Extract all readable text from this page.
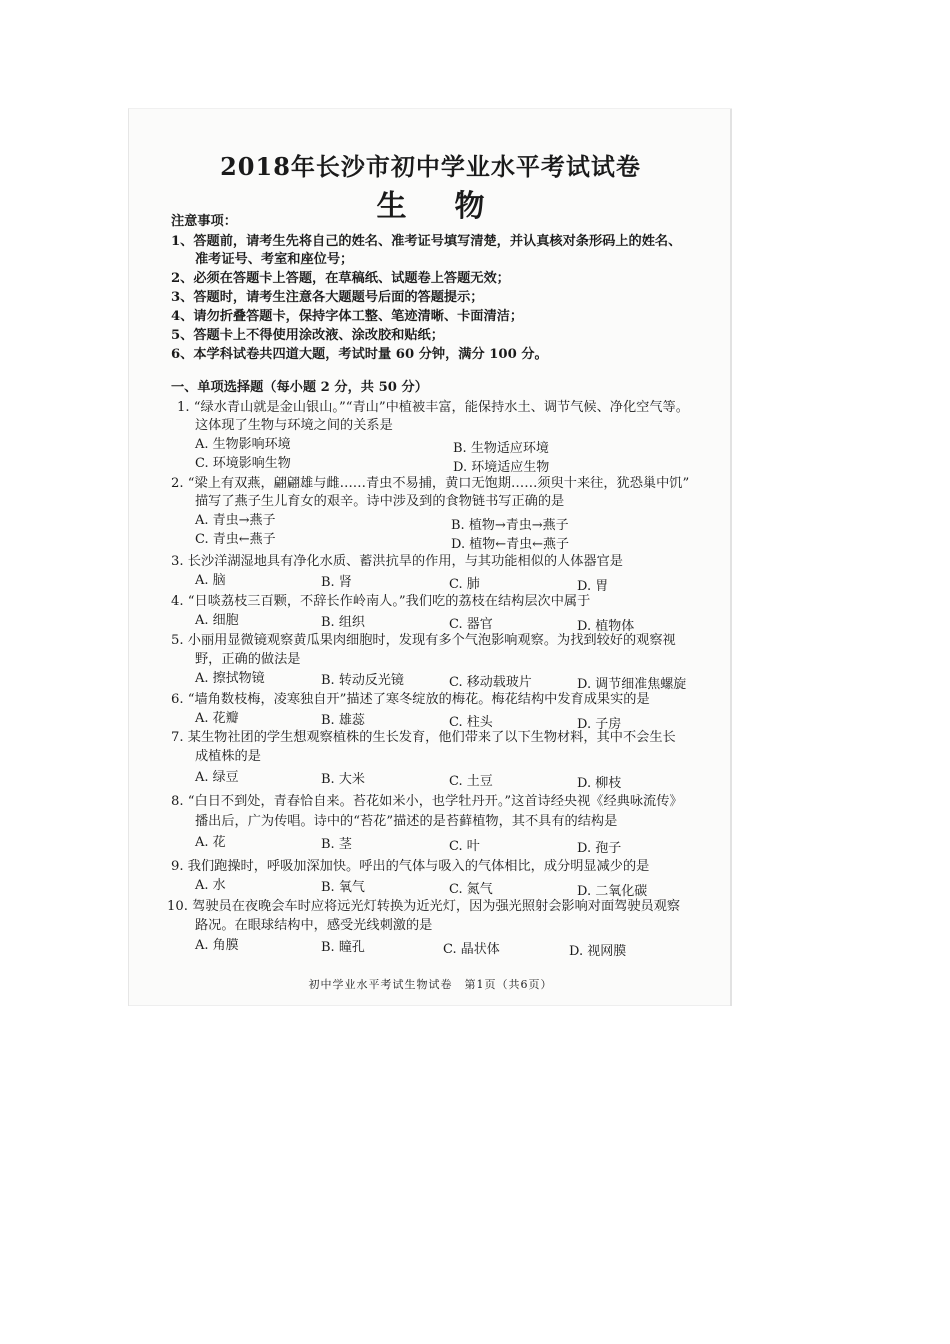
2018年长沙市初中学业水平考试试卷
生物
注意事项：
1、答题前，请考生先将自己的姓名、准考证号填写清楚，并认真核对条形码上的姓名、
准考证号、考室和座位号；
2、必须在答题卡上答题，在草稿纸、试题卷上答题无效；
3、答题时，请考生注意各大题题号后面的答题提示；
4、请勿折叠答题卡，保持字体工整、笔迹清晰、卡面清洁；
5、答题卡上不得使用涂改液、涂改胶和贴纸；
6、本学科试卷共四道大题，考试时量 60 分钟，满分 100 分。
一、单项选择题（每小题 2 分，共 50 分）
1. “绿水青山就是金山银山。”“青山”中植被丰富，能保持水土、调节气候、净化空气等。
这体现了生物与环境之间的关系是
A. 生物影响环境	B. 生物适应环境
C. 环境影响生物	D. 环境适应生物
2. “梁上有双燕，翩翩雄与雌……青虫不易捕，黄口无饱期……须臾十来往，犹恐巢中饥”
描写了燕子生儿育女的艰辛。诗中涉及到的食物链书写正确的是
A. 青虫→燕子	B. 植物→青虫→燕子
C. 青虫←燕子	D. 植物←青虫←燕子
3. 长沙洋湖湿地具有净化水质、蓄洪抗旱的作用，与其功能相似的人体器官是
A. 脑	B. 肾	C. 肺	D. 胃
4. “日啖荔枝三百颗，不辞长作岭南人。”我们吃的荔枝在结构层次中属于
A. 细胞	B. 组织	C. 器官	D. 植物体
5. 小丽用显微镜观察黄瓜果肉细胞时，发现有多个气泡影响观察。为找到较好的观察视
野，正确的做法是
A. 擦拭物镜	B. 转动反光镜	C. 移动载玻片	D. 调节细准焦螺旋
6. “墙角数枝梅，凌寒独自开”描述了寒冬绽放的梅花。梅花结构中发育成果实的是
A. 花瓣	B. 雄蕊	C. 柱头	D. 子房
7. 某生物社团的学生想观察植株的生长发育，他们带来了以下生物材料，其中不会生长
成植株的是
A. 绿豆	B. 大米	C. 土豆	D. 柳枝
8. “白日不到处，青春恰自来。苔花如米小，也学牡丹开。”这首诗经央视《经典咏流传》
播出后，广为传唱。诗中的“苔花”描述的是苔藓植物，其不具有的结构是
A. 花	B. 茎	C. 叶	D. 孢子
9. 我们跑操时，呼吸加深加快。呼出的气体与吸入的气体相比，成分明显减少的是
A. 水	B. 氧气	C. 氮气	D. 二氧化碳
10. 驾驶员在夜晚会车时应将远光灯转换为近光灯，因为强光照射会影响对面驾驶员观察
路况。在眼球结构中，感受光线刺激的是
A. 角膜	B. 瞳孔	C. 晶状体	D. 视网膜
初中学业水平考试生物试卷　第1页（共6页）
